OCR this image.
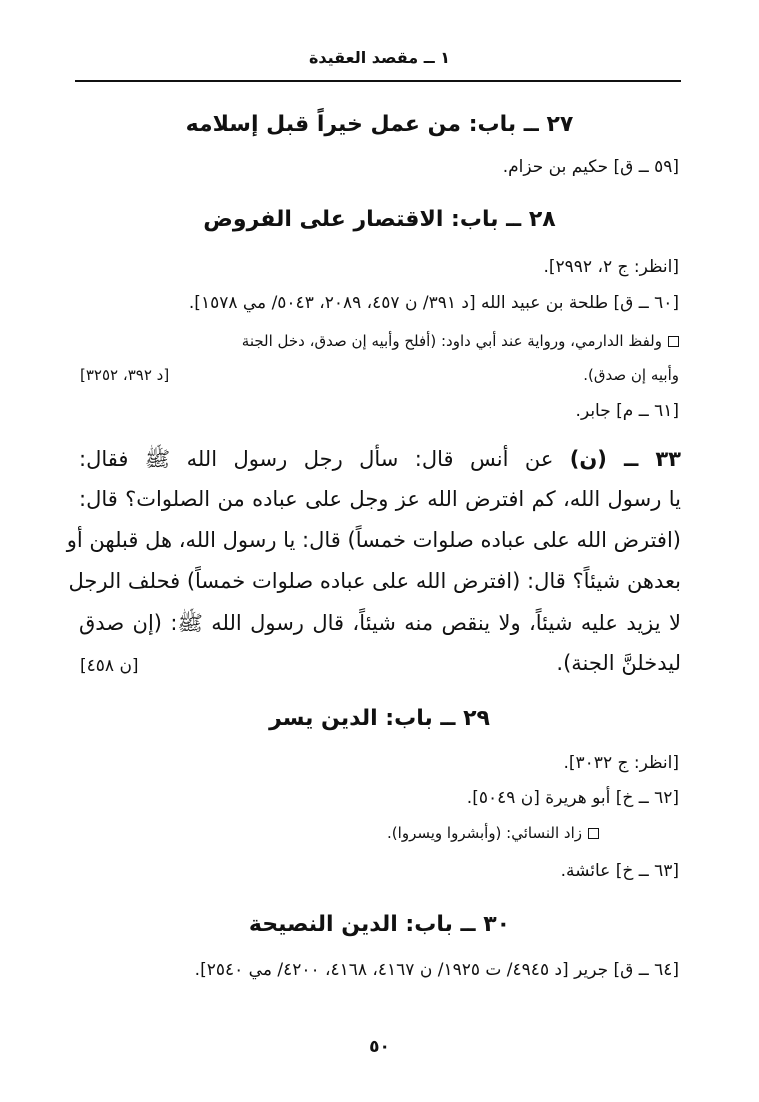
١ ــ مقصد العقيدة
٢٧ ــ باب: من عمل خيراً قبل إسلامه
[٥٩ ــ ق] حكيم بن حزام.
٢٨ ــ باب: الاقتصار على الفروض
[انظر: ج ٢، ٢٩٩٢].
[٦٠ ــ ق] طلحة بن عبيد الله [د ٣٩١/ ن ٤٥٧، ٢٠٨٩، ٥٠٤٣/ مي ١٥٧٨].
ولفظ الدارمي، ورواية عند أبي داود: (أفلح وأبيه إن صدق، دخل الجنة
وأبيه إن صدق).
[د ٣٩٢، ٣٢٥٢]
[٦١ ــ م] جابر.
٣٣ ــ (ن) عن أنس قال: سأل رجل رسول الله ﷺ فقال:
يا رسول الله، كم افترض الله عز وجل على عباده من الصلوات؟ قال:
(افترض الله على عباده صلوات خمساً) قال: يا رسول الله، هل قبلهن أو
بعدهن شيئاً؟ قال: (افترض الله على عباده صلوات خمساً) فحلف الرجل
لا يزيد عليه شيئاً، ولا ينقص منه شيئاً، قال رسول الله ﷺ: (إن صدق
ليدخلنَّ الجنة).
[ن ٤٥٨]
٢٩ ــ باب: الدين يسر
[انظر: ج ٣٠٣٢].
[٦٢ ــ خ] أبو هريرة [ن ٥٠٤٩].
زاد النسائي: (وأبشروا ويسروا).
[٦٣ ــ خ] عائشة.
٣٠ ــ باب: الدين النصيحة
[٦٤ ــ ق] جرير [د ٤٩٤٥/ ت ١٩٢٥/ ن ٤١٦٧، ٤١٦٨، ٤٢٠٠/ مي ٢٥٤٠].
٥٠
